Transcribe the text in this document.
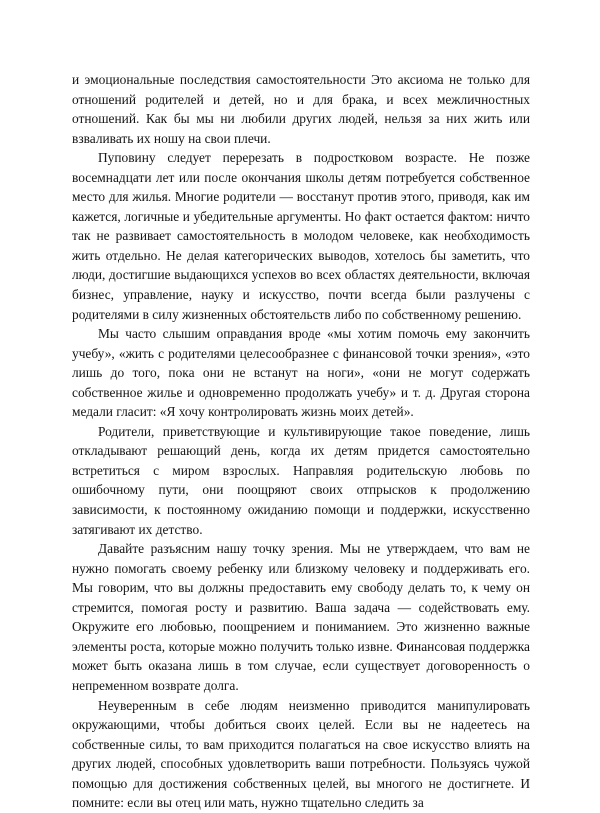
и эмоциональные последствия самостоятельности Это аксиома не только для отношений родителей и детей, но и для брака, и всех межличностных отношений. Как бы мы ни любили других людей, нельзя за них жить или взваливать их ношу на свои плечи.

Пуповину следует перерезать в подростковом возрасте. Не позже восемнадцати лет или после окончания школы детям потребуется собственное место для жилья. Многие родители — восстанут против этого, приводя, как им кажется, логичные и убедительные аргументы. Но факт остается фактом: ничто так не развивает самостоятельность в молодом человеке, как необходимость жить отдельно. Не делая категорических выводов, хотелось бы заметить, что люди, достигшие выдающихся успехов во всех областях деятельности, включая бизнес, управление, науку и искусство, почти всегда были разлучены с родителями в силу жизненных обстоятельств либо по собственному решению.

Мы часто слышим оправдания вроде «мы хотим помочь ему закончить учебу», «жить с родителями целесообразнее с финансовой точки зрения», «это лишь до того, пока они не встанут на ноги», «они не могут содержать собственное жилье и одновременно продолжать учебу» и т. д. Другая сторона медали гласит: «Я хочу контролировать жизнь моих детей».

Родители, приветствующие и культивирующие такое поведение, лишь откладывают решающий день, когда их детям придется самостоятельно встретиться с миром взрослых. Направляя родительскую любовь по ошибочному пути, они поощряют своих отпрысков к продолжению зависимости, к постоянному ожиданию помощи и поддержки, искусственно затягивают их детство.

Давайте разъясним нашу точку зрения. Мы не утверждаем, что вам не нужно помогать своему ребенку или близкому человеку и поддерживать его. Мы говорим, что вы должны предоставить ему свободу делать то, к чему он стремится, помогая росту и развитию. Ваша задача — содействовать ему. Окружите его любовью, поощрением и пониманием. Это жизненно важные элементы роста, которые можно получить только извне. Финансовая поддержка может быть оказана лишь в том случае, если существует договоренность о непременном возврате долга.

Неуверенным в себе людям неизменно приводится манипулировать окружающими, чтобы добиться своих целей. Если вы не надеетесь на собственные силы, то вам приходится полагаться на свое искусство влиять на других людей, способных удовлетворить ваши потребности. Пользуясь чужой помощью для достижения собственных целей, вы многого не достигнете. И помните: если вы отец или мать, нужно тщательно следить за
